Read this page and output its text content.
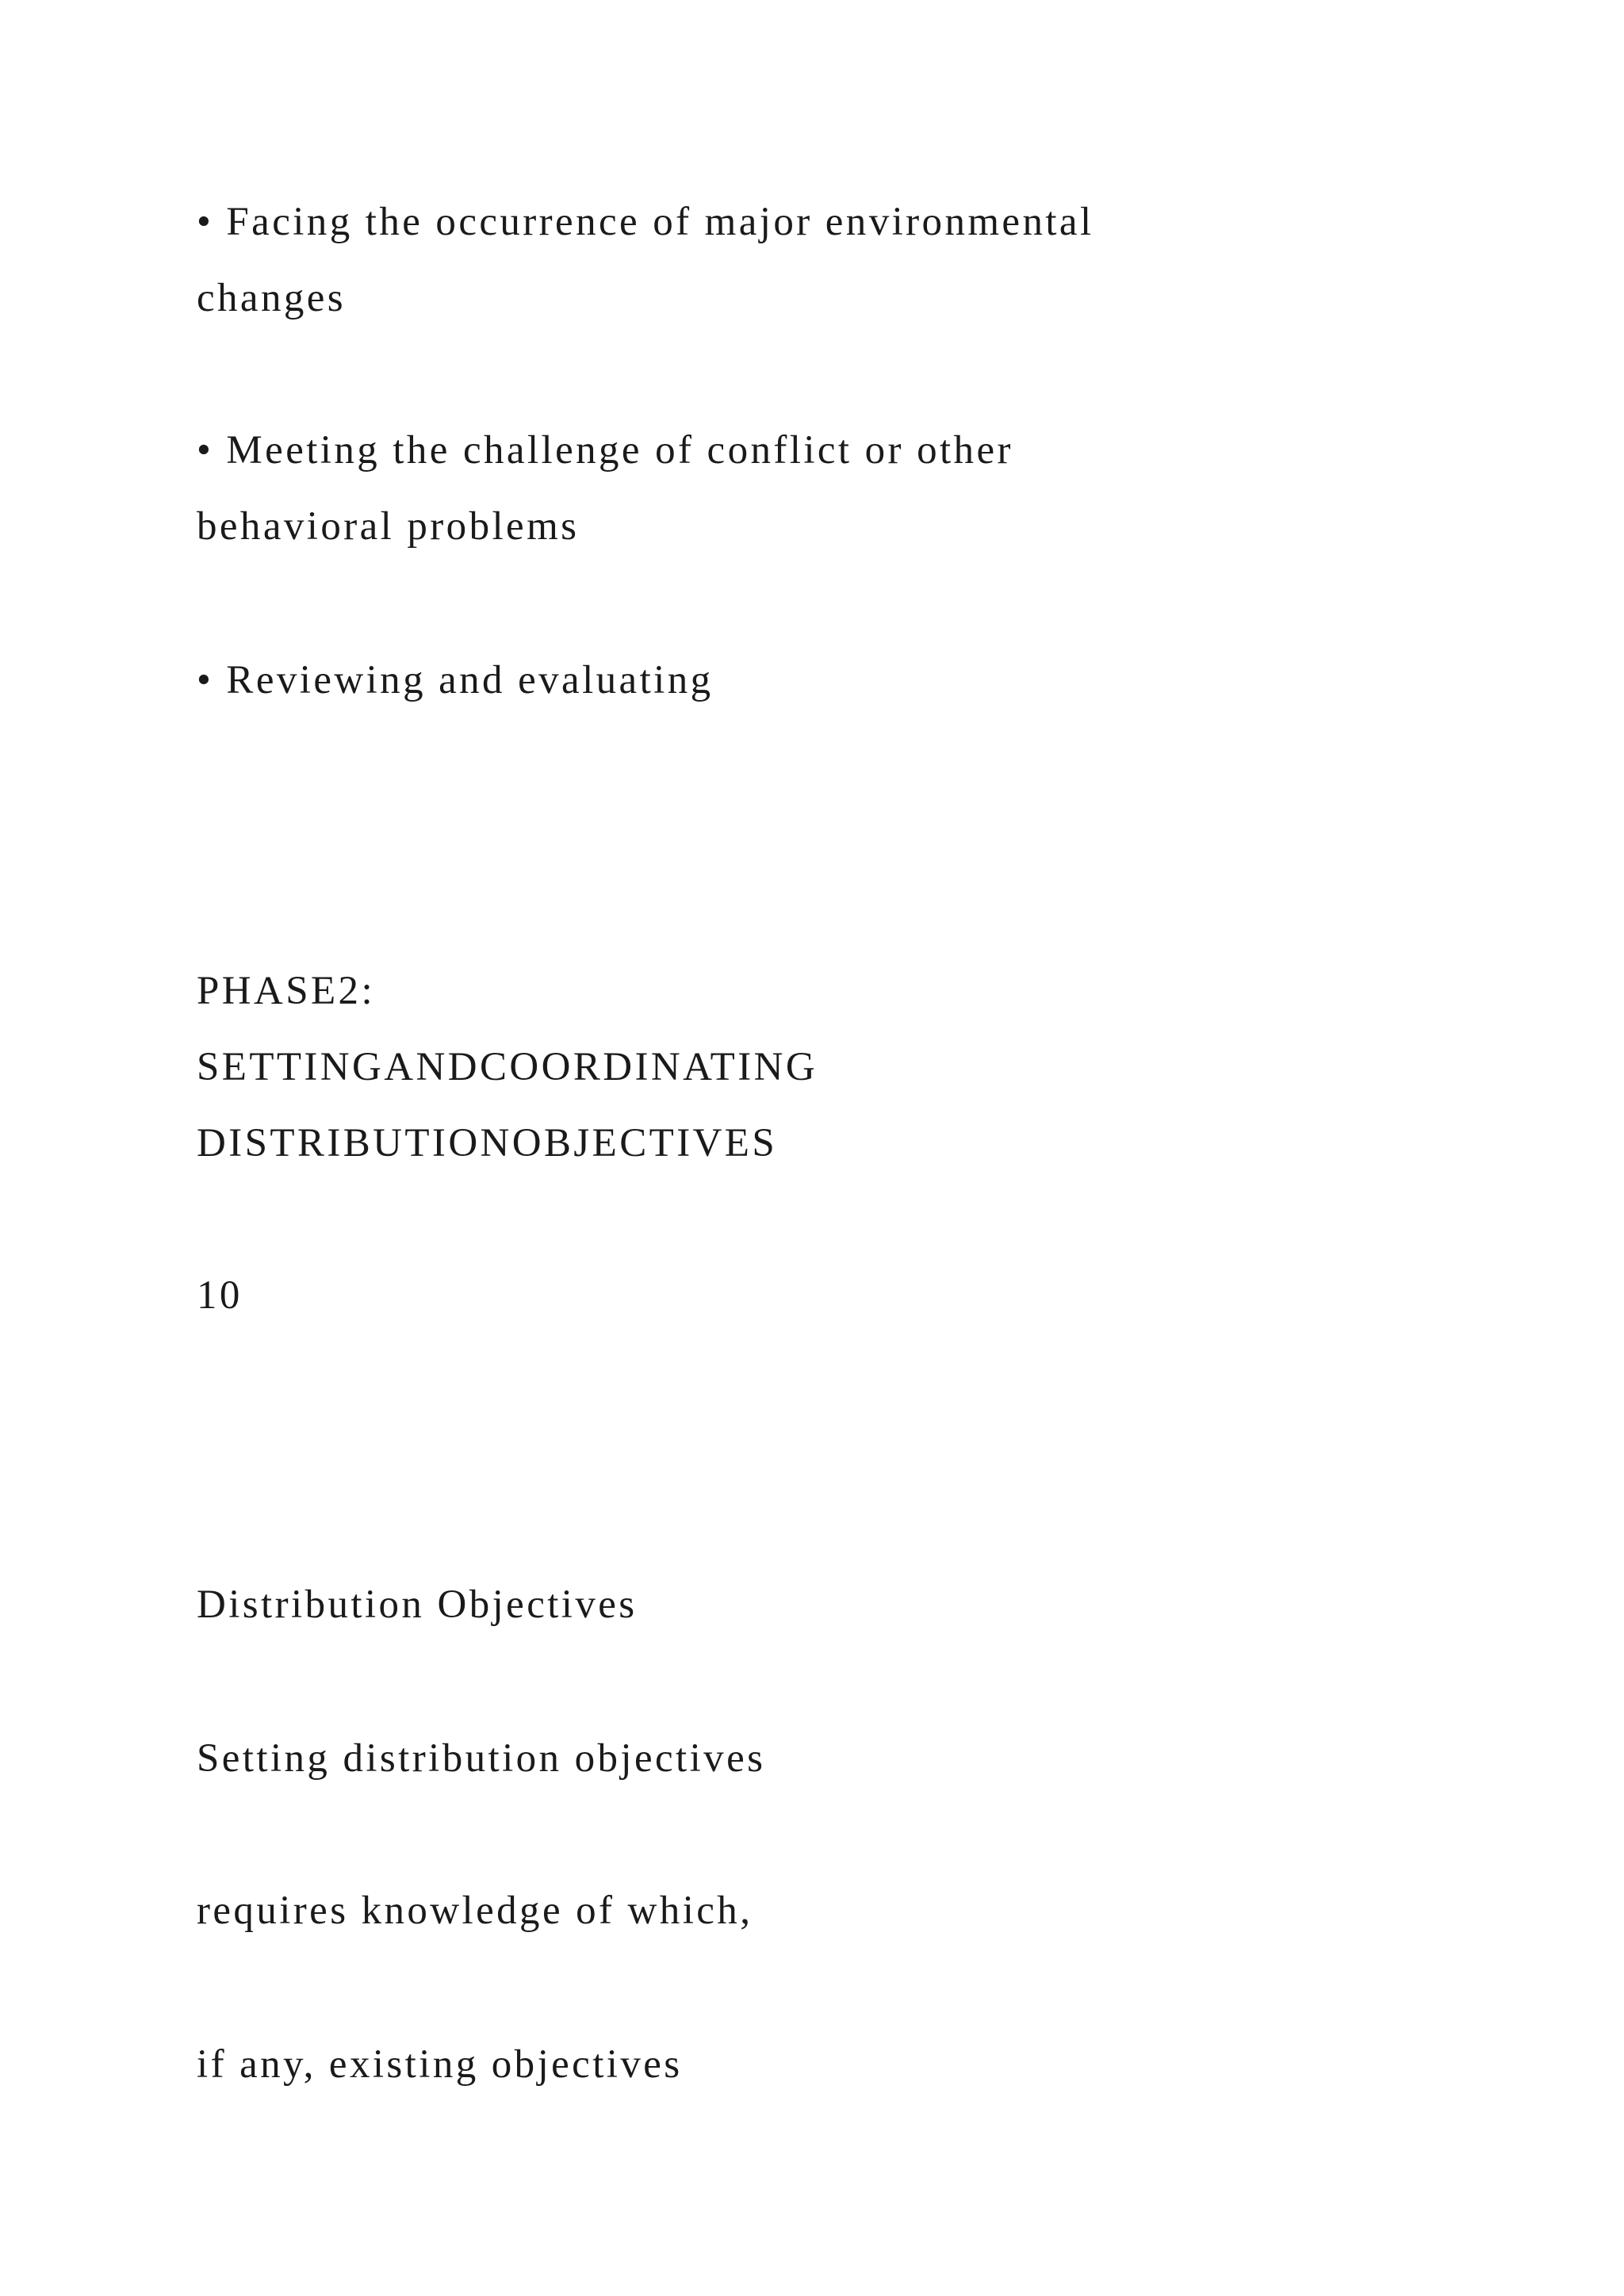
• Facing the occurrence of major environmental

changes

• Meeting the challenge of conflict or other

behavioral problems

• Reviewing and evaluating

PHASE2:

SETTINGANDCOORDINATING

DISTRIBUTIONOBJECTIVES

10

Distribution Objectives

Setting distribution objectives

requires knowledge of which,

if any, existing objectives
